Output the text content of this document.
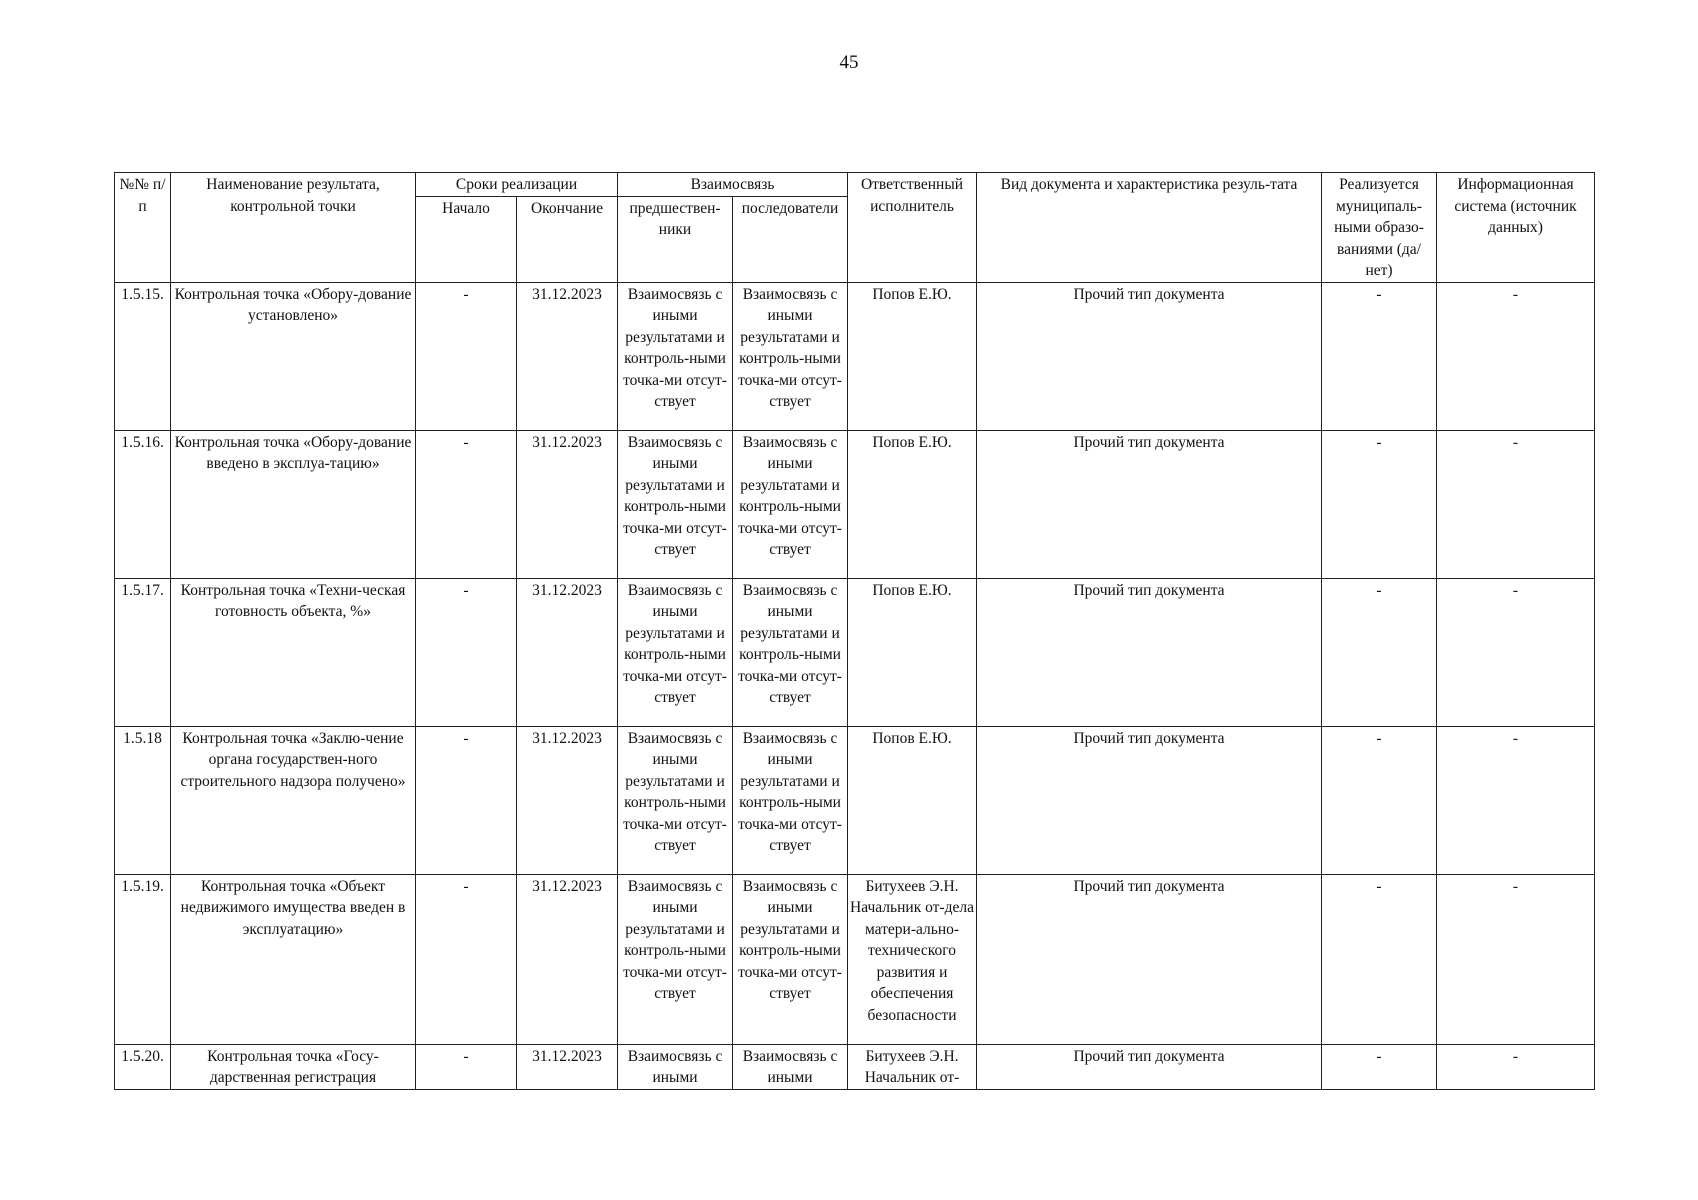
45
№№ п/п	Наименование результата, контрольной точки	Сроки реализации		Взаимосвязь		Ответственный исполнитель	Вид документа и характеристика резуль-тата	Реализуется муниципаль-ными образо-ваниями (да/нет)	Информационная система (источник данных)
		Начало	Окончание	предшествен-ники	последователи				
1.5.15.	Контрольная точка «Обору-дование установлено»	-	31.12.2023	Взаимосвязь с иными результатами и контроль-ными точка-ми отсут-ствует	Взаимосвязь с иными результатами и контроль-ными точка-ми отсут-ствует	Попов Е.Ю.	Прочий тип документа	-	-
1.5.16.	Контрольная точка «Обору-дование введено в эксплуа-тацию»	-	31.12.2023	Взаимосвязь с иными результатами и контроль-ными точка-ми отсут-ствует	Взаимосвязь с иными результатами и контроль-ными точка-ми отсут-ствует	Попов Е.Ю.	Прочий тип документа	-	-
1.5.17.	Контрольная точка «Техни-ческая готовность объекта, %»	-	31.12.2023	Взаимосвязь с иными результатами и контроль-ными точка-ми отсут-ствует	Взаимосвязь с иными результатами и контроль-ными точка-ми отсут-ствует	Попов Е.Ю.	Прочий тип документа	-	-
1.5.18	Контрольная точка «Заклю-чение органа государствен-ного строительного надзора получено»	-	31.12.2023	Взаимосвязь с иными результатами и контроль-ными точка-ми отсут-ствует	Взаимосвязь с иными результатами и контроль-ными точка-ми отсут-ствует	Попов Е.Ю.	Прочий тип документа	-	-
1.5.19.	Контрольная точка «Объект недвижимого имущества введен в эксплуатацию»	-	31.12.2023	Взаимосвязь с иными результатами и контроль-ными точка-ми отсут-ствует	Взаимосвязь с иными результатами и контроль-ными точка-ми отсут-ствует	Битухеев Э.Н. Начальник от-дела матери-ально-технического развития и обеспечения безопасности	Прочий тип документа	-	-
1.5.20.	Контрольная точка «Госу-дарственная регистрация	-	31.12.2023	Взаимосвязь с иными	Взаимосвязь с иными	Битухеев Э.Н. Начальник от-	Прочий тип документа	-	-
